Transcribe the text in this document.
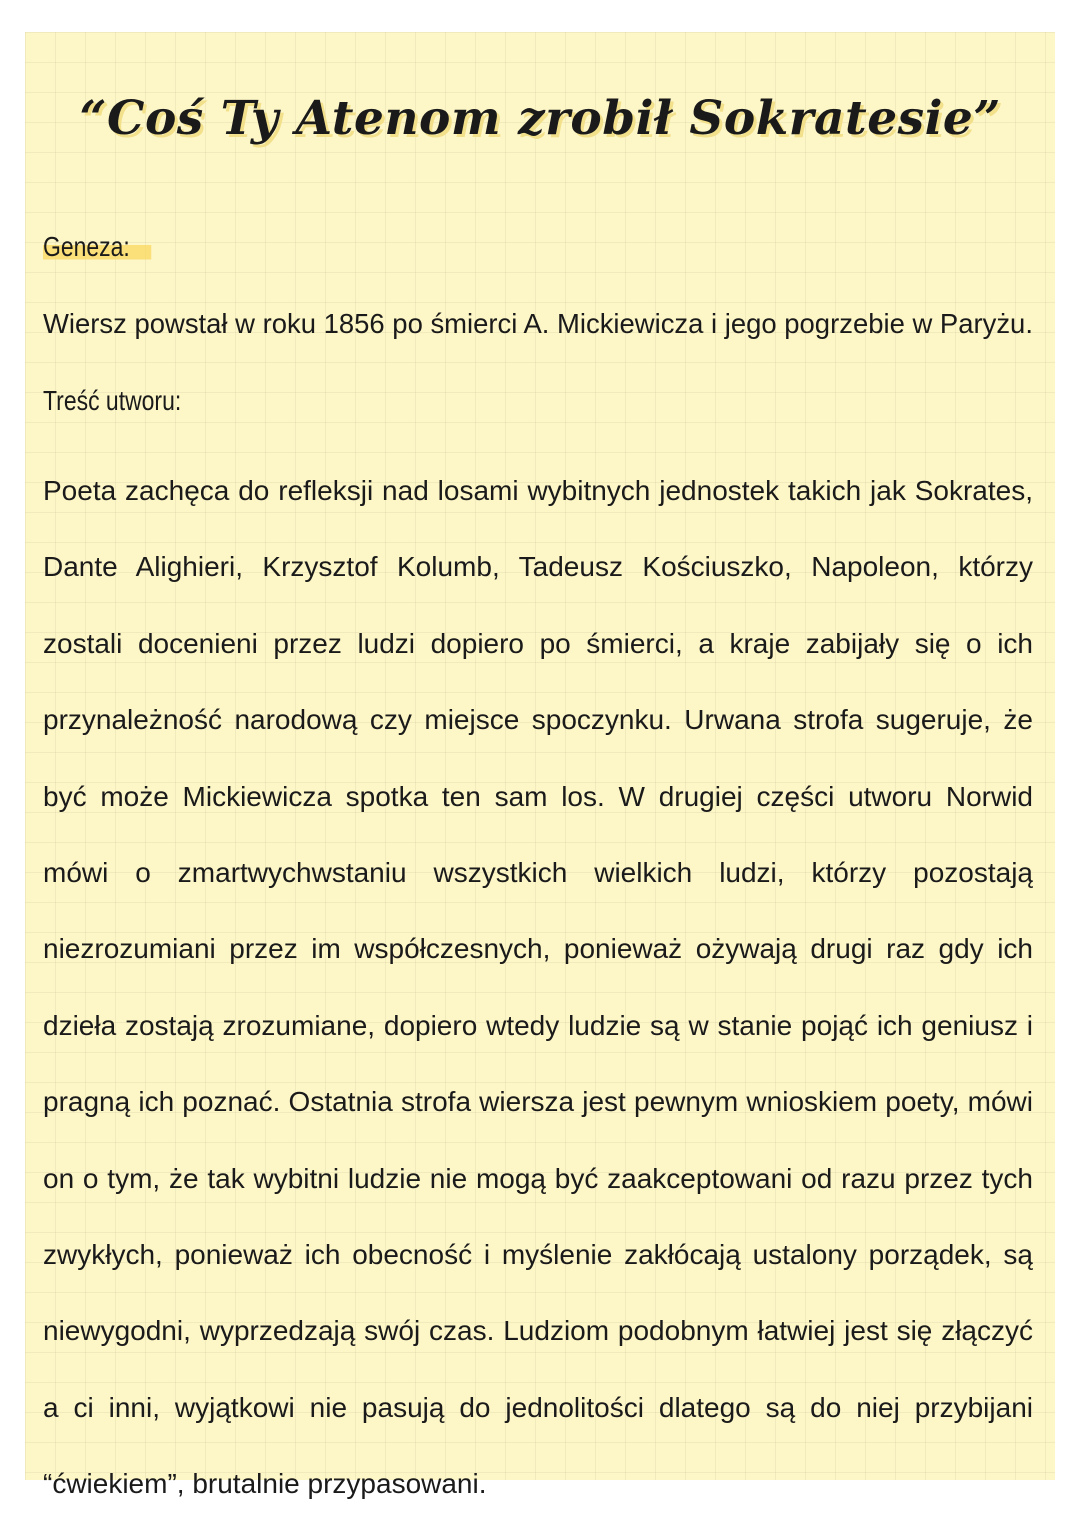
“Coś Ty Atenom zrobił Sokratesie”
Geneza:
Wiersz powstał w roku 1856 po śmierci A. Mickiewicza i jego pogrzebie w Paryżu.
Treść utworu:
Poeta zachęca do refleksji nad losami wybitnych jednostek takich jak Sokrates, Dante Alighieri, Krzysztof Kolumb, Tadeusz Kościuszko, Napoleon, którzy zostali docenieni przez ludzi dopiero po śmierci, a kraje zabijały się o ich przynależność narodową czy miejsce spoczynku. Urwana strofa sugeruje, że być może Mickiewicza spotka ten sam los. W drugiej części utworu Norwid mówi o zmartwychwstaniu wszystkich wielkich ludzi, którzy pozostają niezrozumiani przez im współczesnych, ponieważ ożywają drugi raz gdy ich dzieła zostają zrozumiane, dopiero wtedy ludzie są w stanie pojąć ich geniusz i pragną ich poznać. Ostatnia strofa wiersza jest pewnym wnioskiem poety, mówi on o tym, że tak wybitni ludzie nie mogą być zaakceptowani od razu przez tych zwykłych, ponieważ ich obecność i myślenie zakłócają ustalony porządek, są niewygodni, wyprzedzają swój czas. Ludziom podobnym łatwiej jest się złączyć a ci inni, wyjątkowi nie pasują do jednolitości dlatego są do niej przybijani “ćwiekiem”, brutalnie przypasowani.
